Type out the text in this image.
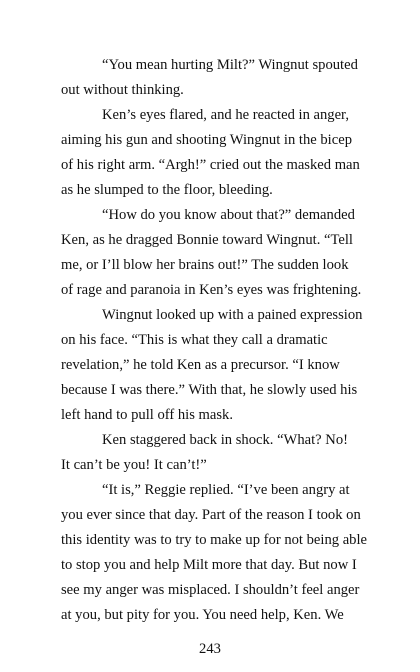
“You mean hurting Milt?” Wingnut spouted
out without thinking.
Ken’s eyes flared, and he reacted in anger,
aiming his gun and shooting Wingnut in the bicep
of his right arm. “Argh!” cried out the masked man
as he slumped to the floor, bleeding.
“How do you know about that?” demanded
Ken, as he dragged Bonnie toward Wingnut. “Tell
me, or I’ll blow her brains out!” The sudden look
of rage and paranoia in Ken’s eyes was frightening.
Wingnut looked up with a pained expression
on his face. “This is what they call a dramatic
revelation,” he told Ken as a precursor. “I know
because I was there.” With that, he slowly used his
left hand to pull off his mask.
Ken staggered back in shock. “What? No!
It can’t be you! It can’t!”
“It is,” Reggie replied. “I’ve been angry at
you ever since that day. Part of the reason I took on
this identity was to try to make up for not being able
to stop you and help Milt more that day. But now I
see my anger was misplaced. I shouldn’t feel anger
at you, but pity for you. You need help, Ken. We
243
